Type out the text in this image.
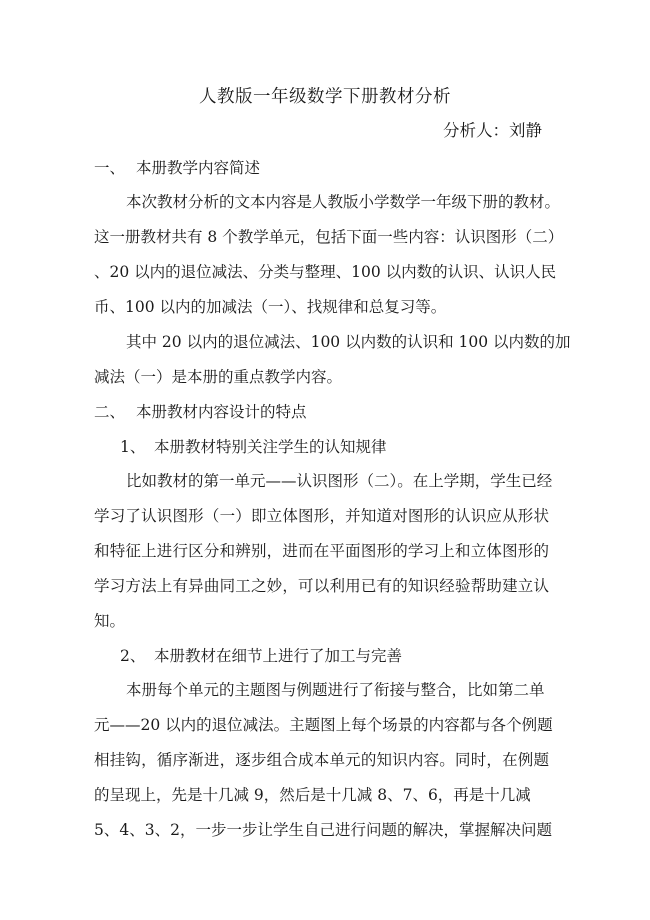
人教版一年级数学下册教材分析
分析人：刘静
一、 本册教学内容简述
本次教材分析的文本内容是人教版小学数学一年级下册的教材。
这一册教材共有 8 个教学单元，包括下面一些内容：认识图形（二）
、20 以内的退位减法、分类与整理、100 以内数的认识、认识人民
币、100 以内的加减法（一）、找规律和总复习等。
其中 20 以内的退位减法、100 以内数的认识和 100 以内数的加
减法（一）是本册的重点教学内容。
二、 本册教材内容设计的特点
1、 本册教材特别关注学生的认知规律
比如教材的第一单元——认识图形（二）。在上学期，学生已经
学习了认识图形（一）即立体图形，并知道对图形的认识应从形状
和特征上进行区分和辨别，进而在平面图形的学习上和立体图形的
学习方法上有异曲同工之妙，可以利用已有的知识经验帮助建立认
知。
2、 本册教材在细节上进行了加工与完善
本册每个单元的主题图与例题进行了衔接与整合，比如第二单
元——20 以内的退位减法。主题图上每个场景的内容都与各个例题
相挂钩，循序渐进，逐步组合成本单元的知识内容。同时，在例题
的呈现上，先是十几减 9，然后是十几减 8、7、6，再是十几减
5、4、3、2，一步一步让学生自己进行问题的解决，掌握解决问题
